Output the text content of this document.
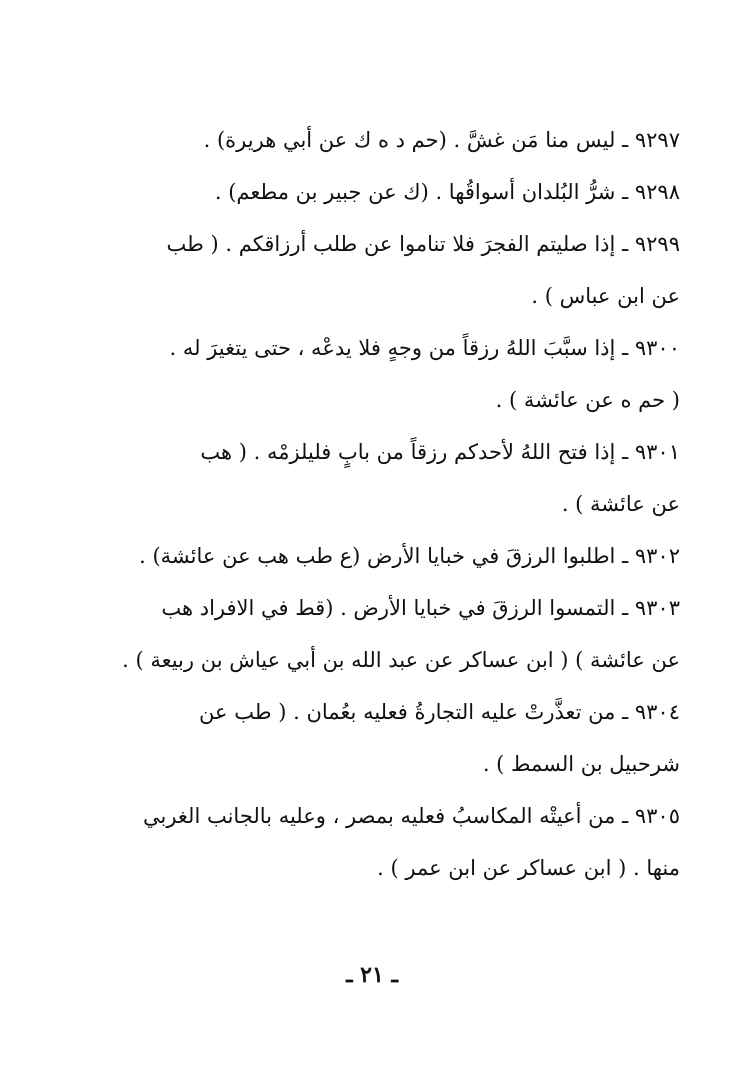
٩٢٩٧ ـ ليس منا مَن غشَّ . (حم د ه ك عن أبي هريرة) .
٩٢٩٨ ـ شرُّ البُلدان أسواقُها . (ك عن جبير بن مطعم) .
٩٢٩٩ ـ إذا صليتم الفجرَ فلا تناموا عن طلب أرزاقكم . ( طب
عن ابن عباس ) .
٩٣٠٠ ـ إذا سبَّبَ اللهُ رزقاً من وجهٍ فلا يدعْه ، حتى يتغيرَ له .
( حم ه عن عائشة ) .
٩٣٠١ ـ إذا فتح اللهُ لأحدكم رزقاً من بابٍ فليلزمْه . ( هب
عن عائشة ) .
٩٣٠٢ ـ اطلبوا الرزقَ في خبايا الأرض (ع طب هب عن عائشة) .
٩٣٠٣ ـ التمسوا الرزقَ في خبايا الأرض . (قط في الافراد هب
عن عائشة ) ( ابن عساكر عن عبد الله بن أبي عياش بن ربيعة ) .
٩٣٠٤ ـ من تعذَّرتْ عليه التجارةُ فعليه بعُمان . ( طب عن
شرحبيل بن السمط ) .
٩٣٠٥ ـ من أعيتْه المكاسبُ فعليه بمصر ، وعليه بالجانب الغربي
منها . ( ابن عساكر عن ابن عمر ) .
ـ ٢١ ـ
